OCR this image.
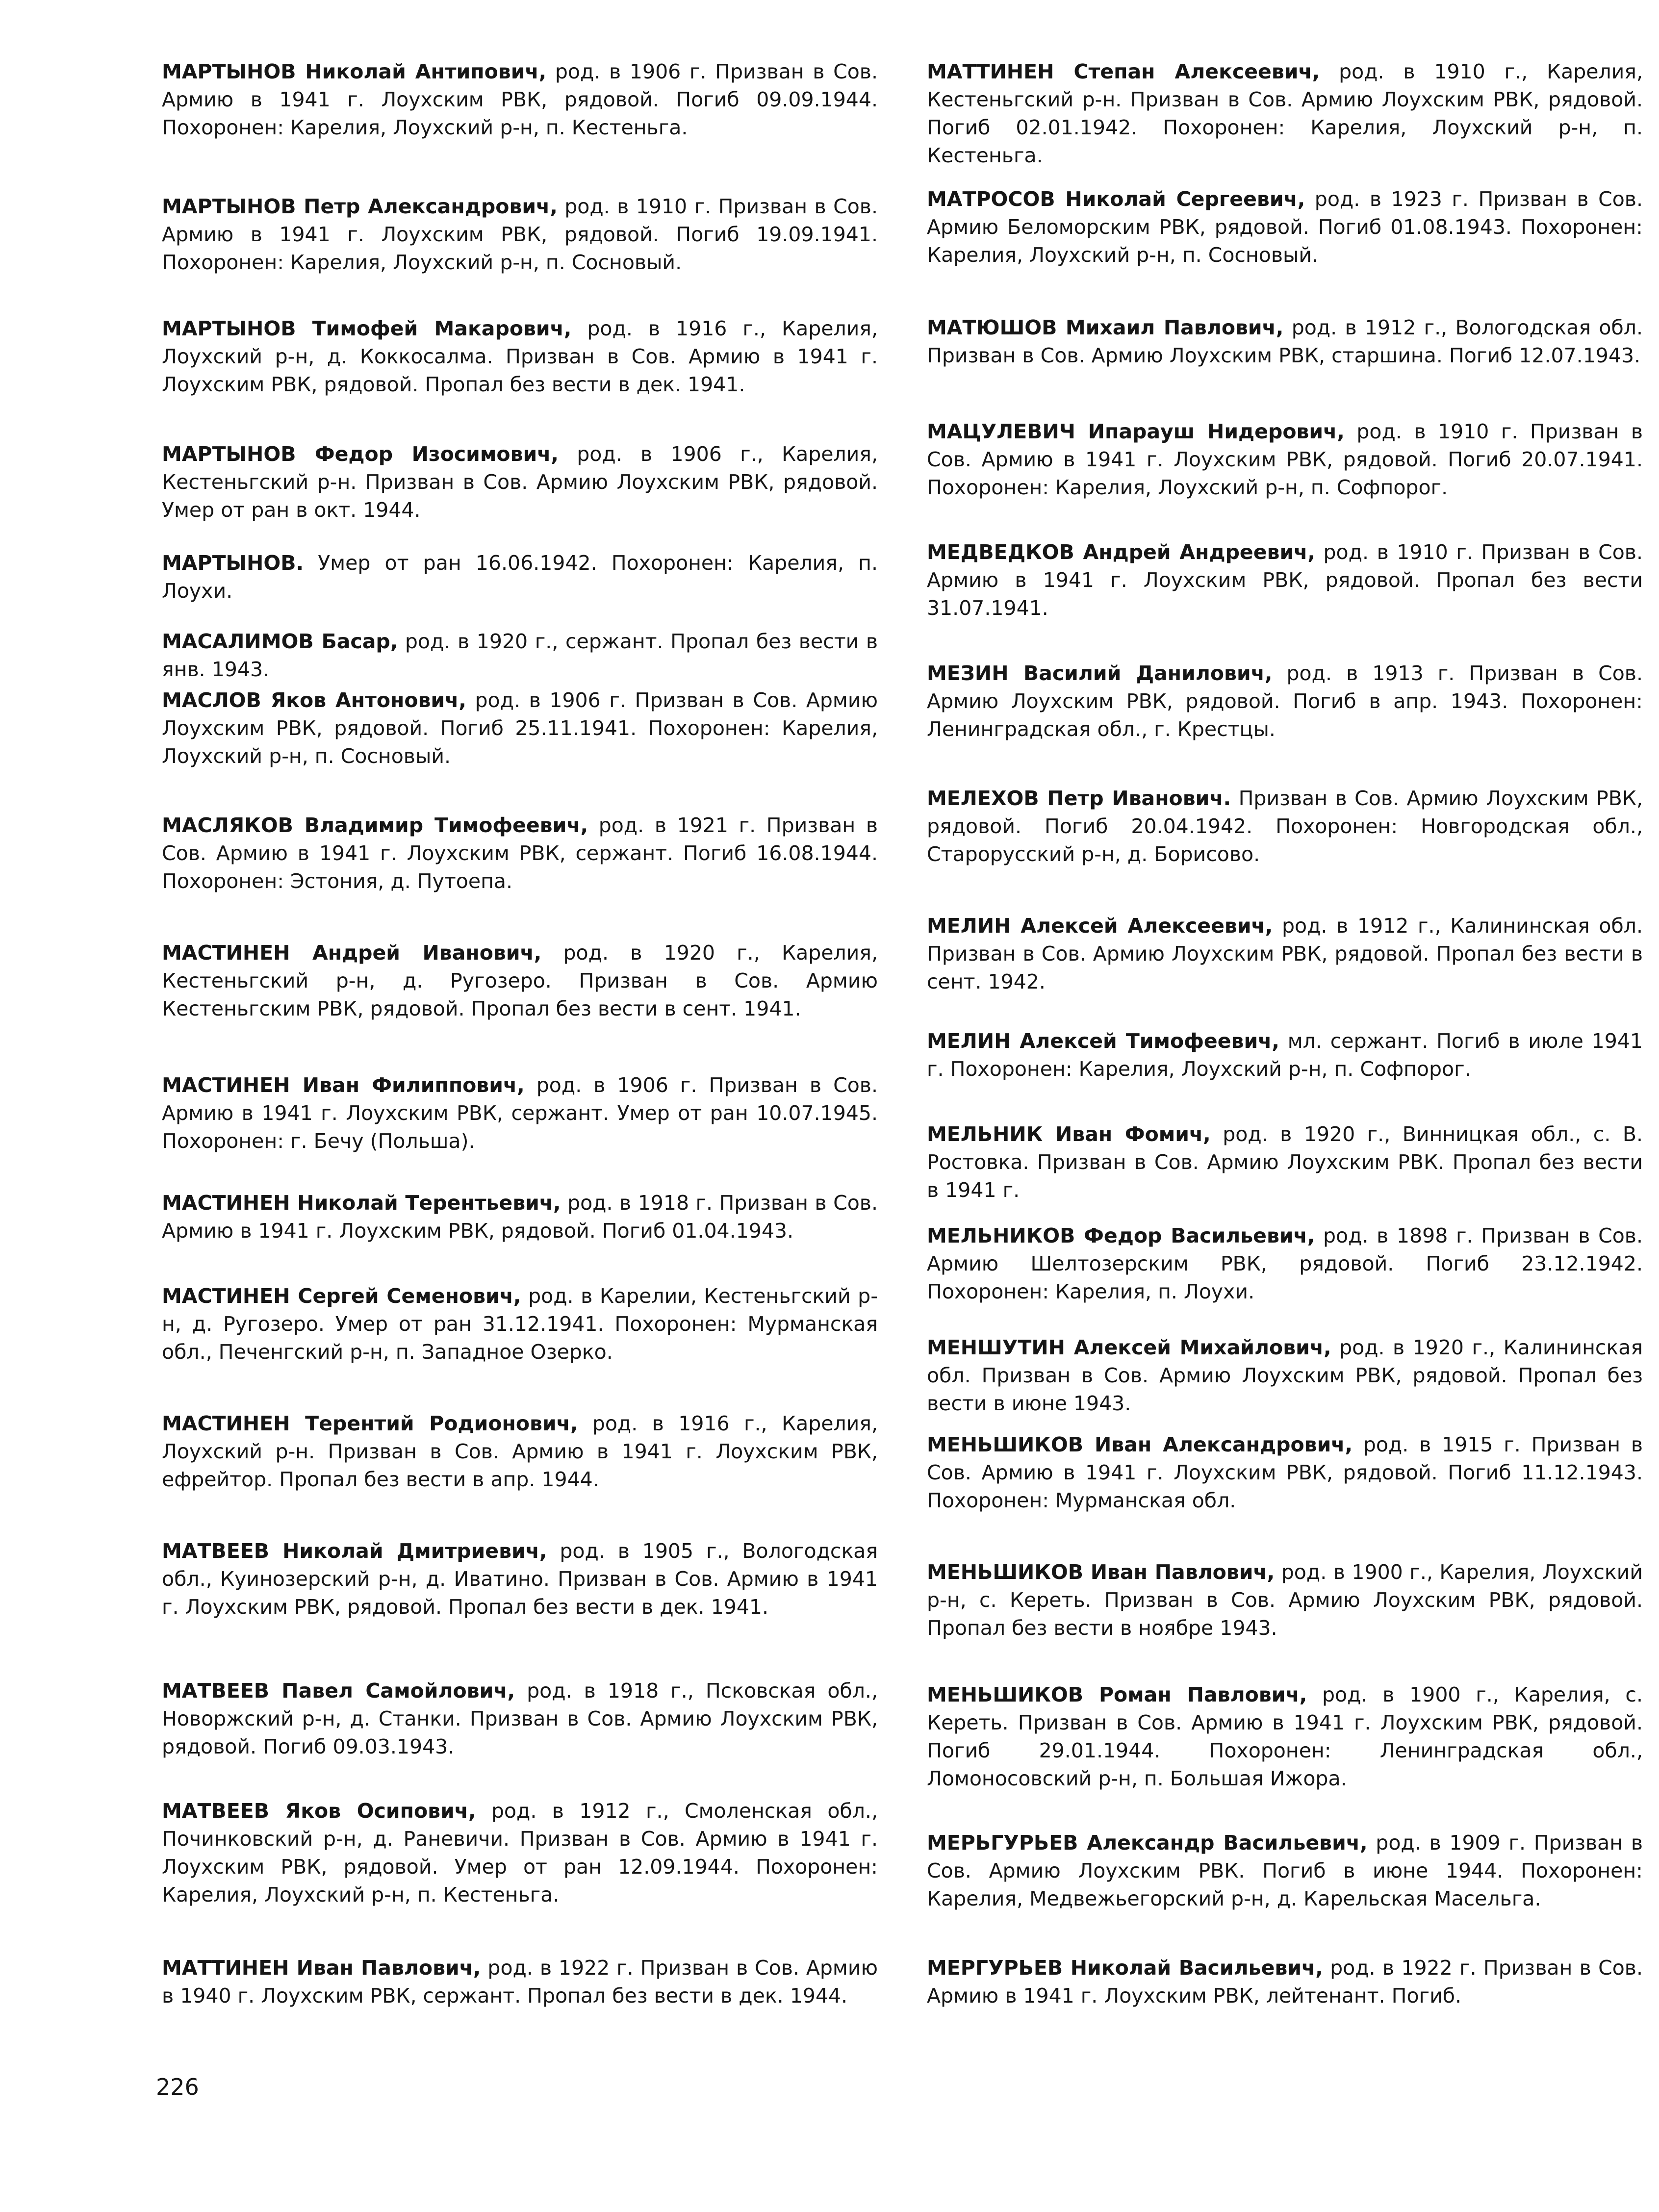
МАРТЫНОВ Николай Антипович, род. в 1906 г. Призван в Сов. Армию в 1941 г. Лоухским РВК, рядовой. Погиб 09.09.1944. Похоронен: Карелия, Лоухский р-н, п. Кестеньга.

МАРТЫНОВ Петр Александрович, род. в 1910 г. Призван в Сов. Армию в 1941 г. Лоухским РВК, рядовой. Погиб 19.09.1941. Похоронен: Карелия, Лоухский р-н, п. Сосновый.

МАРТЫНОВ Тимофей Макарович, род. в 1916 г., Карелия, Лоухский р-н, д. Коккосалма. Призван в Сов. Армию в 1941 г. Лоухским РВК, рядовой. Пропал без вести в дек. 1941.

МАРТЫНОВ Федор Изосимович, род. в 1906 г., Карелия, Кестеньгский р-н. Призван в Сов. Армию Лоухским РВК, рядовой. Умер от ран в окт. 1944.

МАРТЫНОВ. Умер от ран 16.06.1942. Похоронен: Карелия, п. Лоухи.

МАСАЛИМОВ Басар, род. в 1920 г., сержант. Пропал без вести в янв. 1943.

МАСЛОВ Яков Антонович, род. в 1906 г. Призван в Сов. Армию Лоухским РВК, рядовой. Погиб 25.11.1941. Похоронен: Карелия, Лоухский р-н, п. Сосновый.

МАСЛЯКОВ Владимир Тимофеевич, род. в 1921 г. Призван в Сов. Армию в 1941 г. Лоухским РВК, сержант. Погиб 16.08.1944. Похоронен: Эстония, д. Путоепа.

МАСТИНЕН Андрей Иванович, род. в 1920 г., Карелия, Кестеньгский р-н, д. Ругозеро. Призван в Сов. Армию Кестеньгским РВК, рядовой. Пропал без вести в сент. 1941.

МАСТИНЕН Иван Филиппович, род. в 1906 г. Призван в Сов. Армию в 1941 г. Лоухским РВК, сержант. Умер от ран 10.07.1945. Похоронен: г. Бечу (Польша).

МАСТИНЕН Николай Терентьевич, род. в 1918 г. Призван в Сов. Армию в 1941 г. Лоухским РВК, рядовой. Погиб 01.04.1943.

МАСТИНЕН Сергей Семенович, род. в Карелии, Кестеньгский р-н, д. Ругозеро. Умер от ран 31.12.1941. Похоронен: Мурманская обл., Печенгский р-н, п. Западное Озерко.

МАСТИНЕН Терентий Родионович, род. в 1916 г., Карелия, Лоухский р-н. Призван в Сов. Армию в 1941 г. Лоухским РВК, ефрейтор. Пропал без вести в апр. 1944.

МАТВЕЕВ Николай Дмитриевич, род. в 1905 г., Вологодская обл., Куинозерский р-н, д. Иватино. Призван в Сов. Армию в 1941 г. Лоухским РВК, рядовой. Пропал без вести в дек. 1941.

МАТВЕЕВ Павел Самойлович, род. в 1918 г., Псковская обл., Новоржский р-н, д. Станки. Призван в Сов. Армию Лоухским РВК, рядовой. Погиб 09.03.1943.

МАТВЕЕВ Яков Осипович, род. в 1912 г., Смоленская обл., Починковский р-н, д. Раневичи. Призван в Сов. Армию в 1941 г. Лоухским РВК, рядовой. Умер от ран 12.09.1944. Похоронен: Карелия, Лоухский р-н, п. Кестеньга.

МАТТИНЕН Иван Павлович, род. в 1922 г. Призван в Сов. Армию в 1940 г. Лоухским РВК, сержант. Пропал без вести в дек. 1944.

МАТТИНЕН Степан Алексеевич, род. в 1910 г., Карелия, Кестеньгский р-н. Призван в Сов. Армию Лоухским РВК, рядовой. Погиб 02.01.1942. Похоронен: Карелия, Лоухский р-н, п. Кестеньга.

МАТРОСОВ Николай Сергеевич, род. в 1923 г. Призван в Сов. Армию Беломорским РВК, рядовой. Погиб 01.08.1943. Похоронен: Карелия, Лоухский р-н, п. Сосновый.

МАТЮШОВ Михаил Павлович, род. в 1912 г., Вологодская обл. Призван в Сов. Армию Лоухским РВК, старшина. Погиб 12.07.1943.

МАЦУЛЕВИЧ Ипарауш Нидерович, род. в 1910 г. Призван в Сов. Армию в 1941 г. Лоухским РВК, рядовой. Погиб 20.07.1941. Похоронен: Карелия, Лоухский р-н, п. Софпорог.

МЕДВЕДКОВ Андрей Андреевич, род. в 1910 г. Призван в Сов. Армию в 1941 г. Лоухским РВК, рядовой. Пропал без вести 31.07.1941.

МЕЗИН Василий Данилович, род. в 1913 г. Призван в Сов. Армию Лоухским РВК, рядовой. Погиб в апр. 1943. Похоронен: Ленинградская обл., г. Крестцы.

МЕЛЕХОВ Петр Иванович. Призван в Сов. Армию Лоухским РВК, рядовой. Погиб 20.04.1942. Похоронен: Новгородская обл., Старорусский р-н, д. Борисово.

МЕЛИН Алексей Алексеевич, род. в 1912 г., Калининская обл. Призван в Сов. Армию Лоухским РВК, рядовой. Пропал без вести в сент. 1942.

МЕЛИН Алексей Тимофеевич, мл. сержант. Погиб в июле 1941 г. Похоронен: Карелия, Лоухский р-н, п. Софпорог.

МЕЛЬНИК Иван Фомич, род. в 1920 г., Винницкая обл., с. В. Ростовка. Призван в Сов. Армию Лоухским РВК. Пропал без вести в 1941 г.

МЕЛЬНИКОВ Федор Васильевич, род. в 1898 г. Призван в Сов. Армию Шелтозерским РВК, рядовой. Погиб 23.12.1942. Похоронен: Карелия, п. Лоухи.

МЕНШУТИН Алексей Михайлович, род. в 1920 г., Калининская обл. Призван в Сов. Армию Лоухским РВК, рядовой. Пропал без вести в июне 1943.

МЕНЬШИКОВ Иван Александрович, род. в 1915 г. Призван в Сов. Армию в 1941 г. Лоухским РВК, рядовой. Погиб 11.12.1943. Похоронен: Мурманская обл.

МЕНЬШИКОВ Иван Павлович, род. в 1900 г., Карелия, Лоухский р-н, с. Кереть. Призван в Сов. Армию Лоухским РВК, рядовой. Пропал без вести в ноябре 1943.

МЕНЬШИКОВ Роман Павлович, род. в 1900 г., Карелия, с. Кереть. Призван в Сов. Армию в 1941 г. Лоухским РВК, рядовой. Погиб 29.01.1944. Похоронен: Ленинградская обл., Ломоносовский р-н, п. Большая Ижора.

МЕРЬГУРЬЕВ Александр Васильевич, род. в 1909 г. Призван в Сов. Армию Лоухским РВК. Погиб в июне 1944. Похоронен: Карелия, Медвежьегорский р-н, д. Карельская Масельга.

МЕРГУРЬЕВ Николай Васильевич, род. в 1922 г. Призван в Сов. Армию в 1941 г. Лоухским РВК, лейтенант. Погиб.

226
